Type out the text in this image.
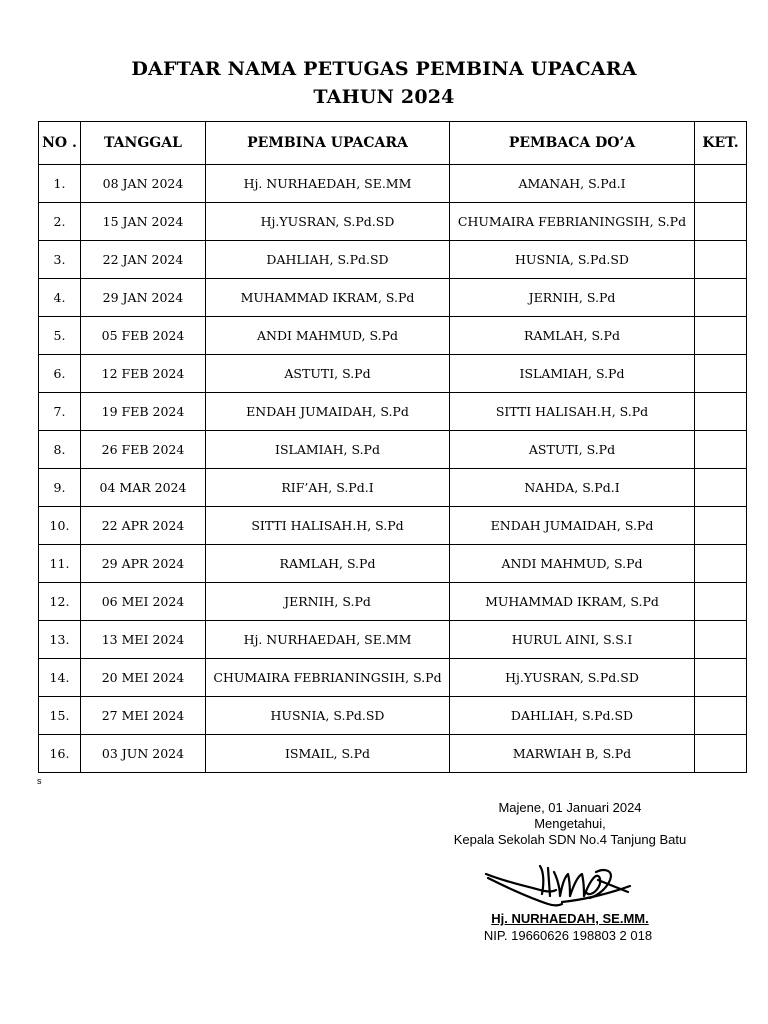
DAFTAR NAMA PETUGAS PEMBINA UPACARA
TAHUN 2024
NO .	TANGGAL	PEMBINA UPACARA	PEMBACA DO’A	KET.
1.	08 JAN 2024	Hj. NURHAEDAH, SE.MM	AMANAH, S.Pd.I	
2.	15 JAN 2024	Hj.YUSRAN, S.Pd.SD	CHUMAIRA FEBRIANINGSIH, S.Pd	
3.	22 JAN 2024	DAHLIAH, S.Pd.SD	HUSNIA, S.Pd.SD	
4.	29 JAN 2024	MUHAMMAD IKRAM, S.Pd	JERNIH, S.Pd	
5.	05 FEB 2024	ANDI MAHMUD, S.Pd	RAMLAH, S.Pd	
6.	12 FEB 2024	ASTUTI, S.Pd	ISLAMIAH, S.Pd	
7.	19 FEB 2024	ENDAH JUMAIDAH, S.Pd	SITTI HALISAH.H, S.Pd	
8.	26 FEB 2024	ISLAMIAH, S.Pd	ASTUTI, S.Pd	
9.	04 MAR 2024	RIF’AH, S.Pd.I	NAHDA, S.Pd.I	
10.	22 APR 2024	SITTI HALISAH.H, S.Pd	ENDAH JUMAIDAH, S.Pd	
11.	29 APR 2024	RAMLAH, S.Pd	ANDI MAHMUD, S.Pd	
12.	06 MEI 2024	JERNIH, S.Pd	MUHAMMAD IKRAM, S.Pd	
13.	13 MEI 2024	Hj. NURHAEDAH, SE.MM	HURUL AINI, S.S.I	
14.	20 MEI 2024	CHUMAIRA FEBRIANINGSIH, S.Pd	Hj.YUSRAN, S.Pd.SD	
15.	27 MEI 2024	HUSNIA, S.Pd.SD	DAHLIAH, S.Pd.SD	
16.	03 JUN 2024	ISMAIL, S.Pd	MARWIAH B, S.Pd	
s
Majene, 01 Januari 2024
Mengetahui,
Kepala Sekolah SDN No.4 Tanjung Batu
Hj. NURHAEDAH, SE.MM.
NIP. 19660626 198803 2 018
